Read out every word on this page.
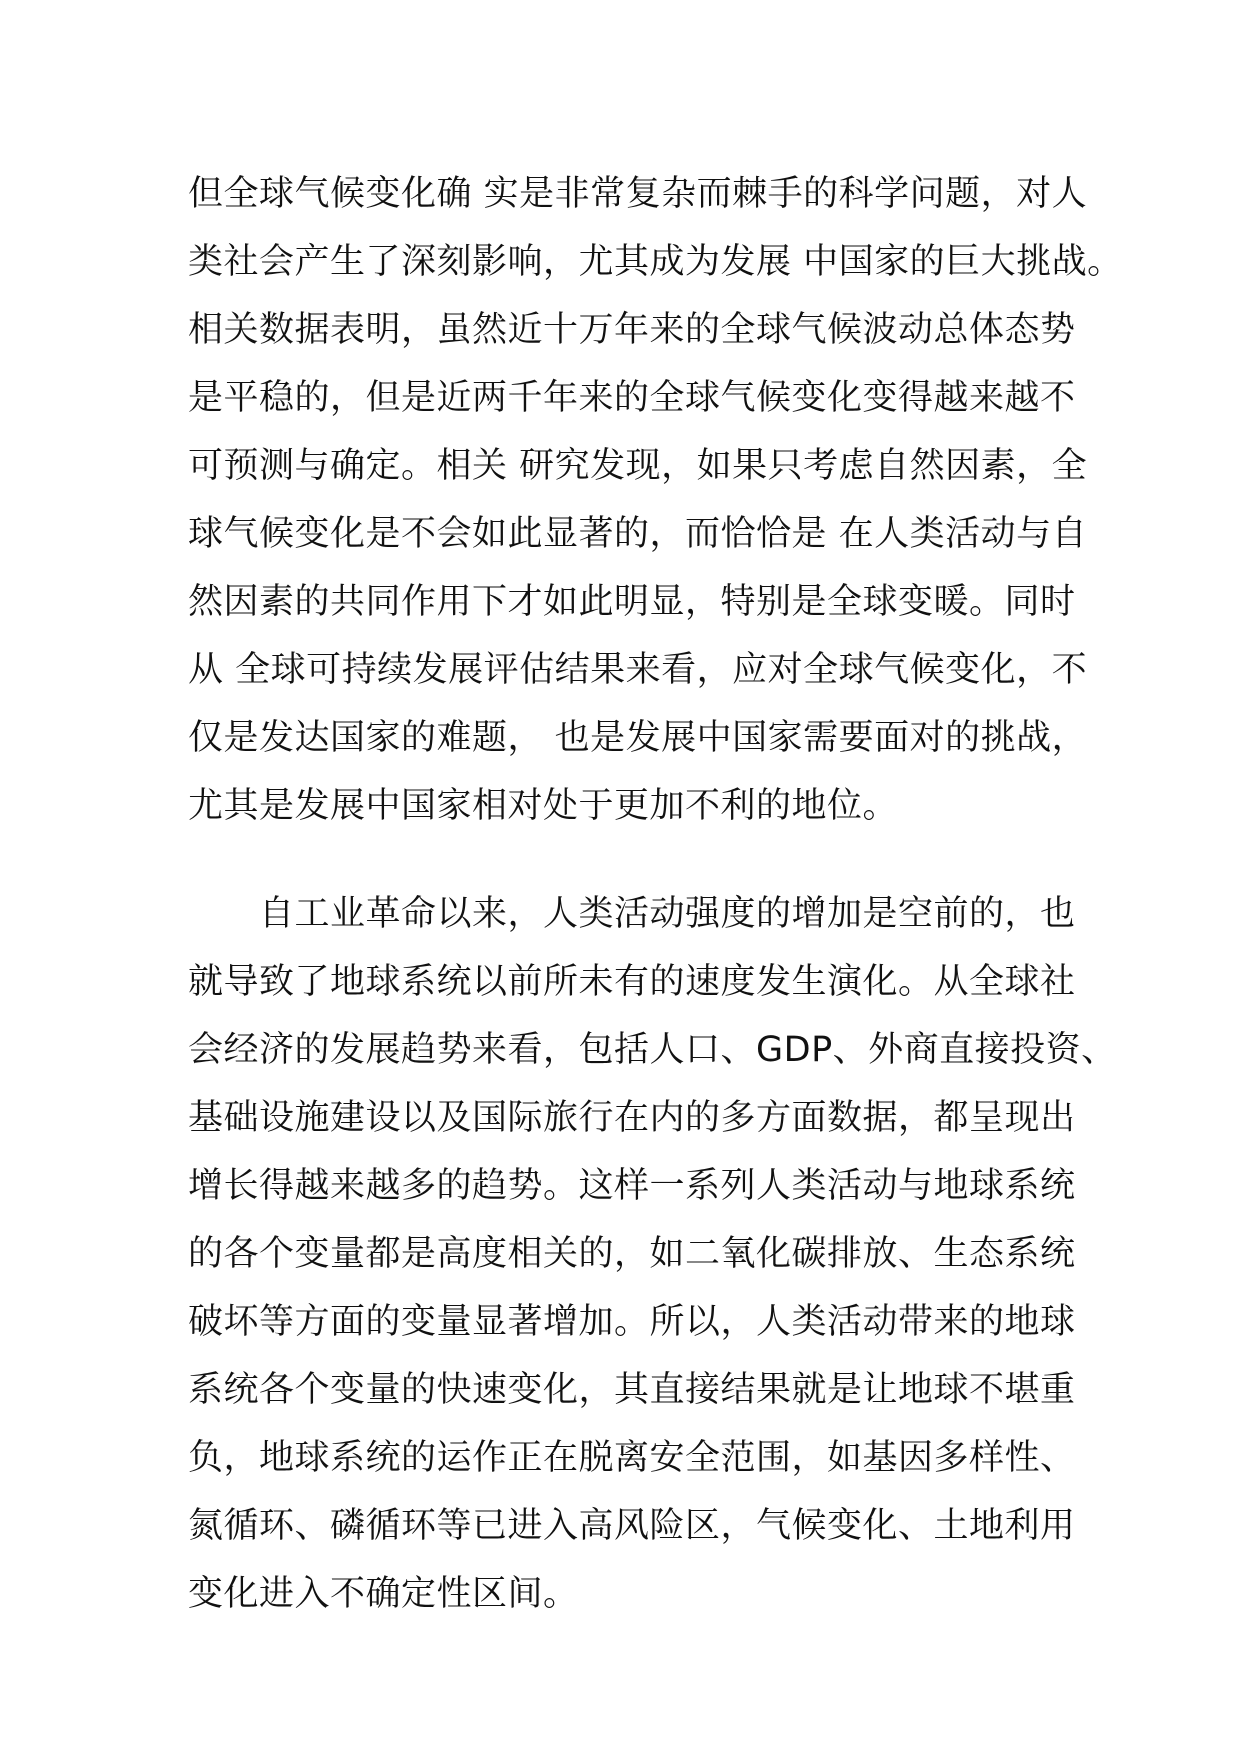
但全球气候变化确 实是非常复杂而棘手的科学问题，对人
类社会产生了深刻影响，尤其成为发展 中国家的巨大挑战。
相关数据表明，虽然近十万年来的全球气候波动总体态势
是平稳的，但是近两千年来的全球气候变化变得越来越不
可预测与确定。相关 研究发现，如果只考虑自然因素，全
球气候变化是不会如此显著的，而恰恰是 在人类活动与自
然因素的共同作用下才如此明显，特别是全球变暖。同时
从 全球可持续发展评估结果来看，应对全球气候变化，不
仅是发达国家的难题， 也是发展中国家需要面对的挑战，
尤其是发展中国家相对处于更加不利的地位。
　　自工业革命以来，人类活动强度的增加是空前的，也
就导致了地球系统以前所未有的速度发生演化。从全球社
会经济的发展趋势来看，包括人口、GDP、外商直接投资、
基础设施建设以及国际旅行在内的多方面数据，都呈现出
增长得越来越多的趋势。这样一系列人类活动与地球系统
的各个变量都是高度相关的，如二氧化碳排放、生态系统
破坏等方面的变量显著增加。所以，人类活动带来的地球
系统各个变量的快速变化，其直接结果就是让地球不堪重
负，地球系统的运作正在脱离安全范围，如基因多样性、
氮循环、磷循环等已进入高风险区，气候变化、土地利用
变化进入不确定性区间。
